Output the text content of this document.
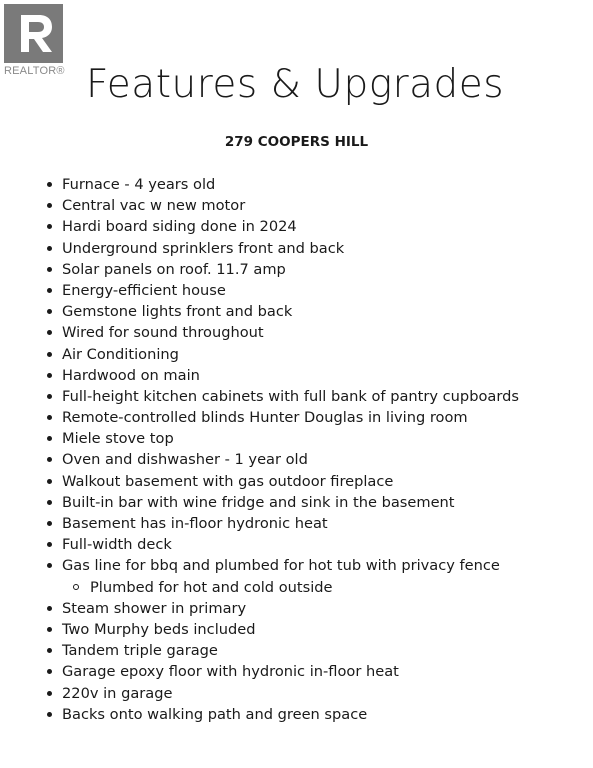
REALTOR® Features & Upgrades
279 COOPERS HILL
Furnace - 4 years old
Central vac w new motor
Hardi board siding done in 2024
Underground sprinklers front and back
Solar panels on roof. 11.7 amp
Energy-efficient house
Gemstone lights front and back
Wired for sound throughout
Air Conditioning
Hardwood on main
Full-height kitchen cabinets with full bank of pantry cupboards
Remote-controlled blinds Hunter Douglas in living room
Miele stove top
Oven and dishwasher - 1 year old
Walkout basement with gas outdoor fireplace
Built-in bar with wine fridge and sink in the basement
Basement has in-floor hydronic heat
Full-width deck
Gas line for bbq and plumbed for hot tub with privacy fence
Plumbed for hot and cold outside
Steam shower in primary
Two Murphy beds included
Tandem triple garage
Garage epoxy floor with hydronic in-floor heat
220v in garage
Backs onto walking path and green space
